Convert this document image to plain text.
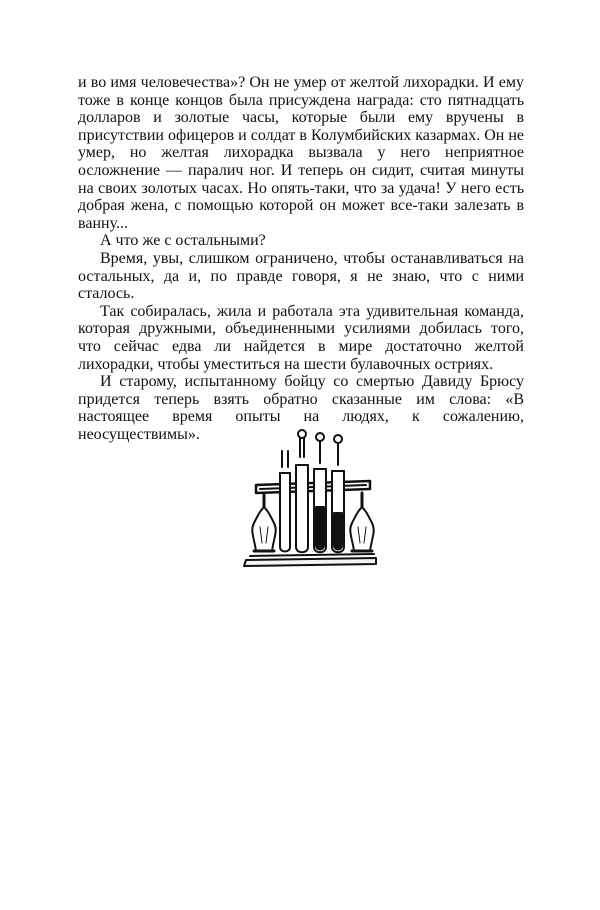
и во имя человечества»? Он не умер от желтой лихорадки. И ему тоже в конце концов была присуждена награда: сто пятнадцать долларов и золотые часы, которые были ему вручены в присутствии офицеров и солдат в Колумбийских казармах. Он не умер, но желтая лихорадка вызвала у него неприятное осложнение — паралич ног. И теперь он сидит, считая минуты на своих золотых часах. Но опять-таки, что за удача! У него есть добрая жена, с помощью которой он может все-таки залезать в ванну...

А что же с остальными?

Время, увы, слишком ограничено, чтобы останавливаться на остальных, да и, по правде говоря, я не знаю, что с ними сталось.

Так собиралась, жила и работала эта удивительная команда, которая дружными, объединенными усилиями добилась того, что сейчас едва ли найдется в мире достаточно желтой лихорадки, чтобы уместиться на шести булавочных остриях.

И старому, испытанному бойцу со смертью Давиду Брюсу придется теперь взять обратно сказанные им слова: «В настоящее время опыты на людях, к сожалению, неосуществимы».
